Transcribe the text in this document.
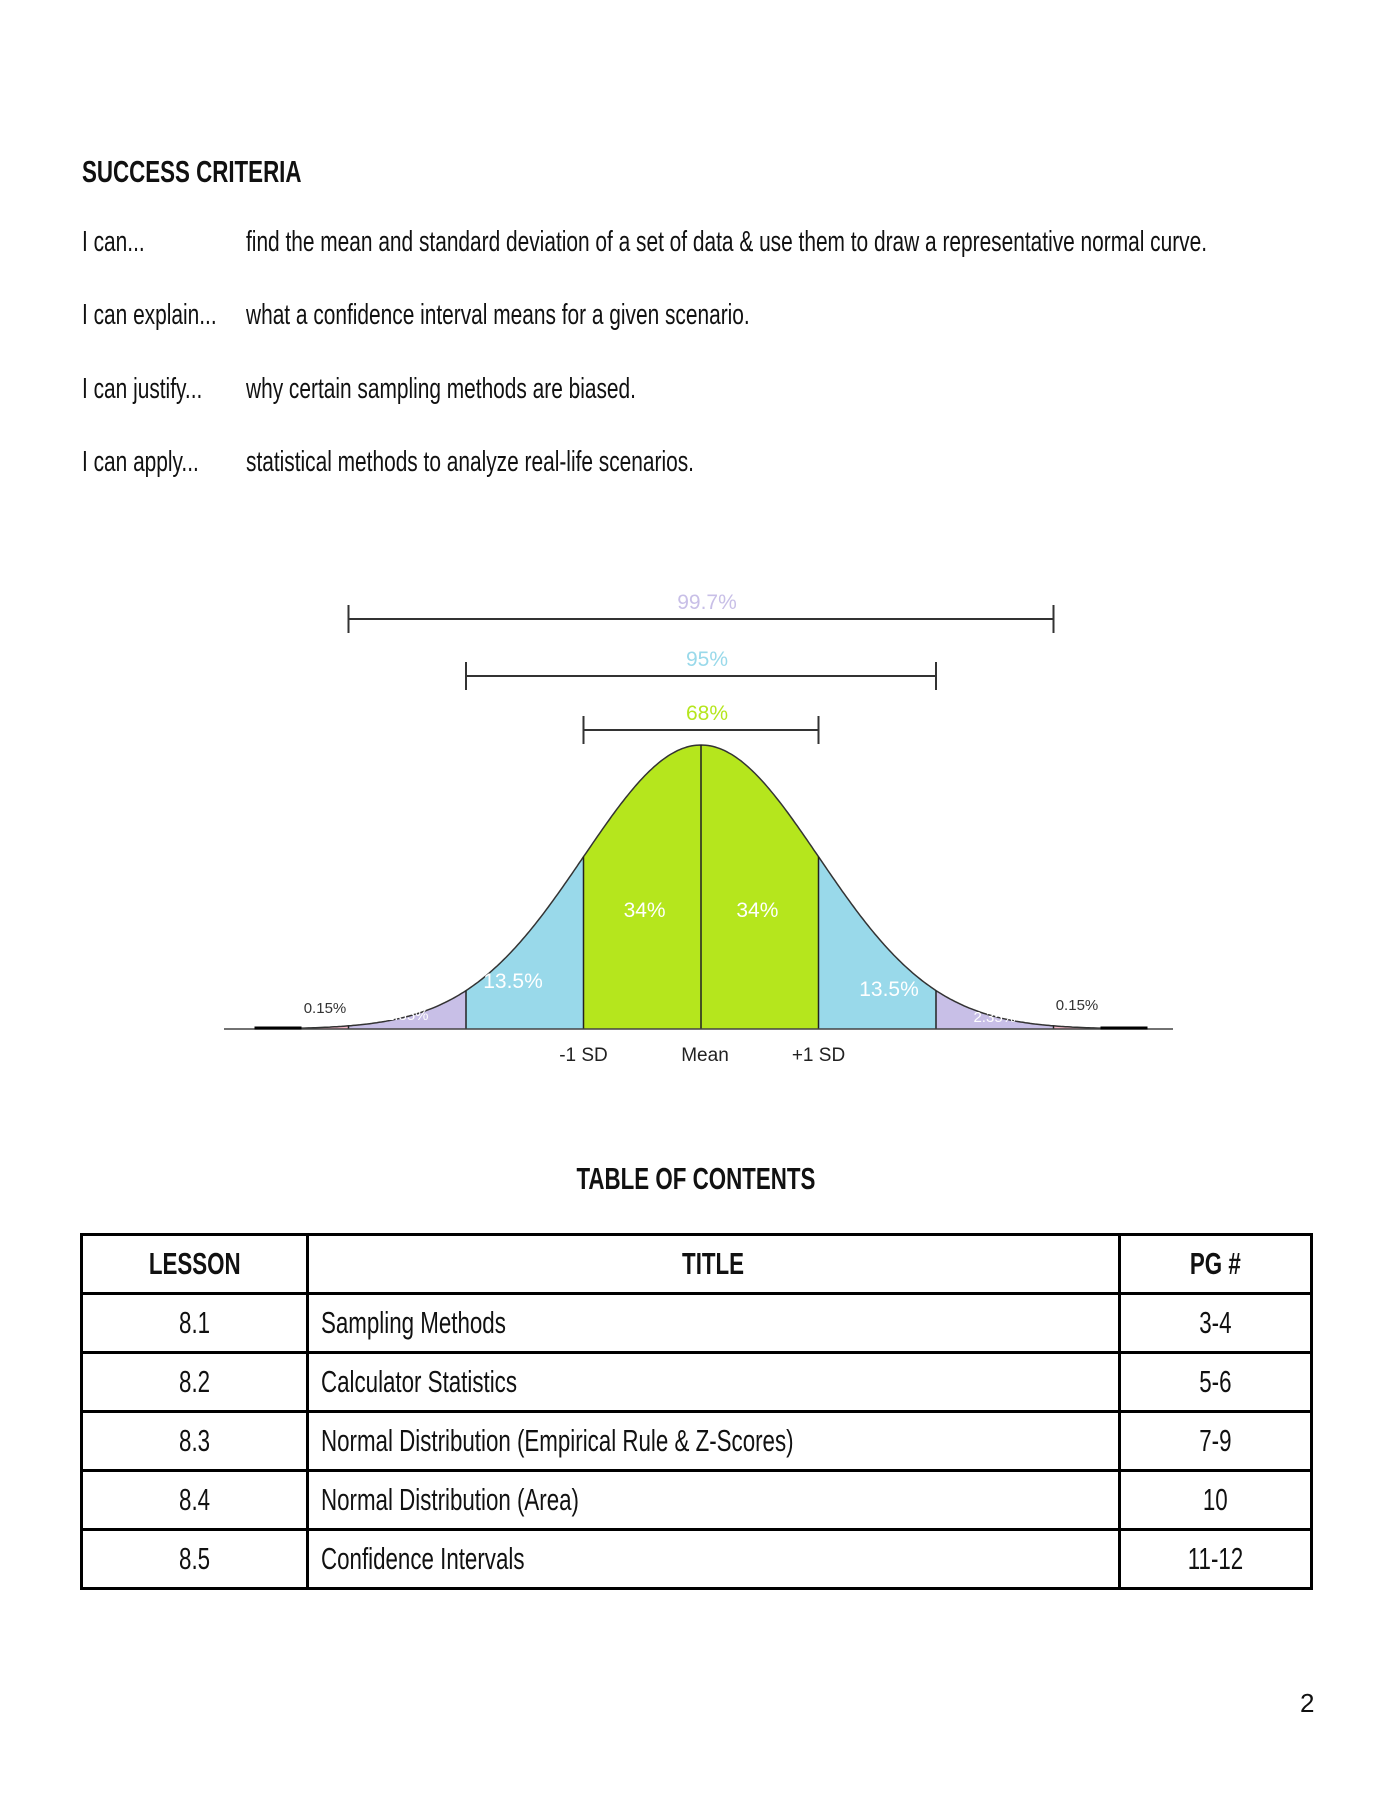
SUCCESS CRITERIA
I can...	find the mean and standard deviation of a set of data & use them to draw a representative normal curve.
I can explain... what a confidence interval means for a given scenario.
I can justify... why certain sampling methods are biased.
I can apply... statistical methods to analyze real-life scenarios.
0.15%	2.35%
13.5%
34%	34%
13.5%
2.35%
0.15%
99.7%
95%
68%
-1 SD	Mean	+1 SD
TABLE OF CONTENTS
LESSON	TITLE	PG #
8.1	Sampling Methods	3-4
8.2	Calculator Statistics	5-6
8.3	Normal Distribution (Empirical Rule & Z-Scores)	7-9
8.4	Normal Distribution (Area)	10
8.5	Confidence Intervals	11-12
2
